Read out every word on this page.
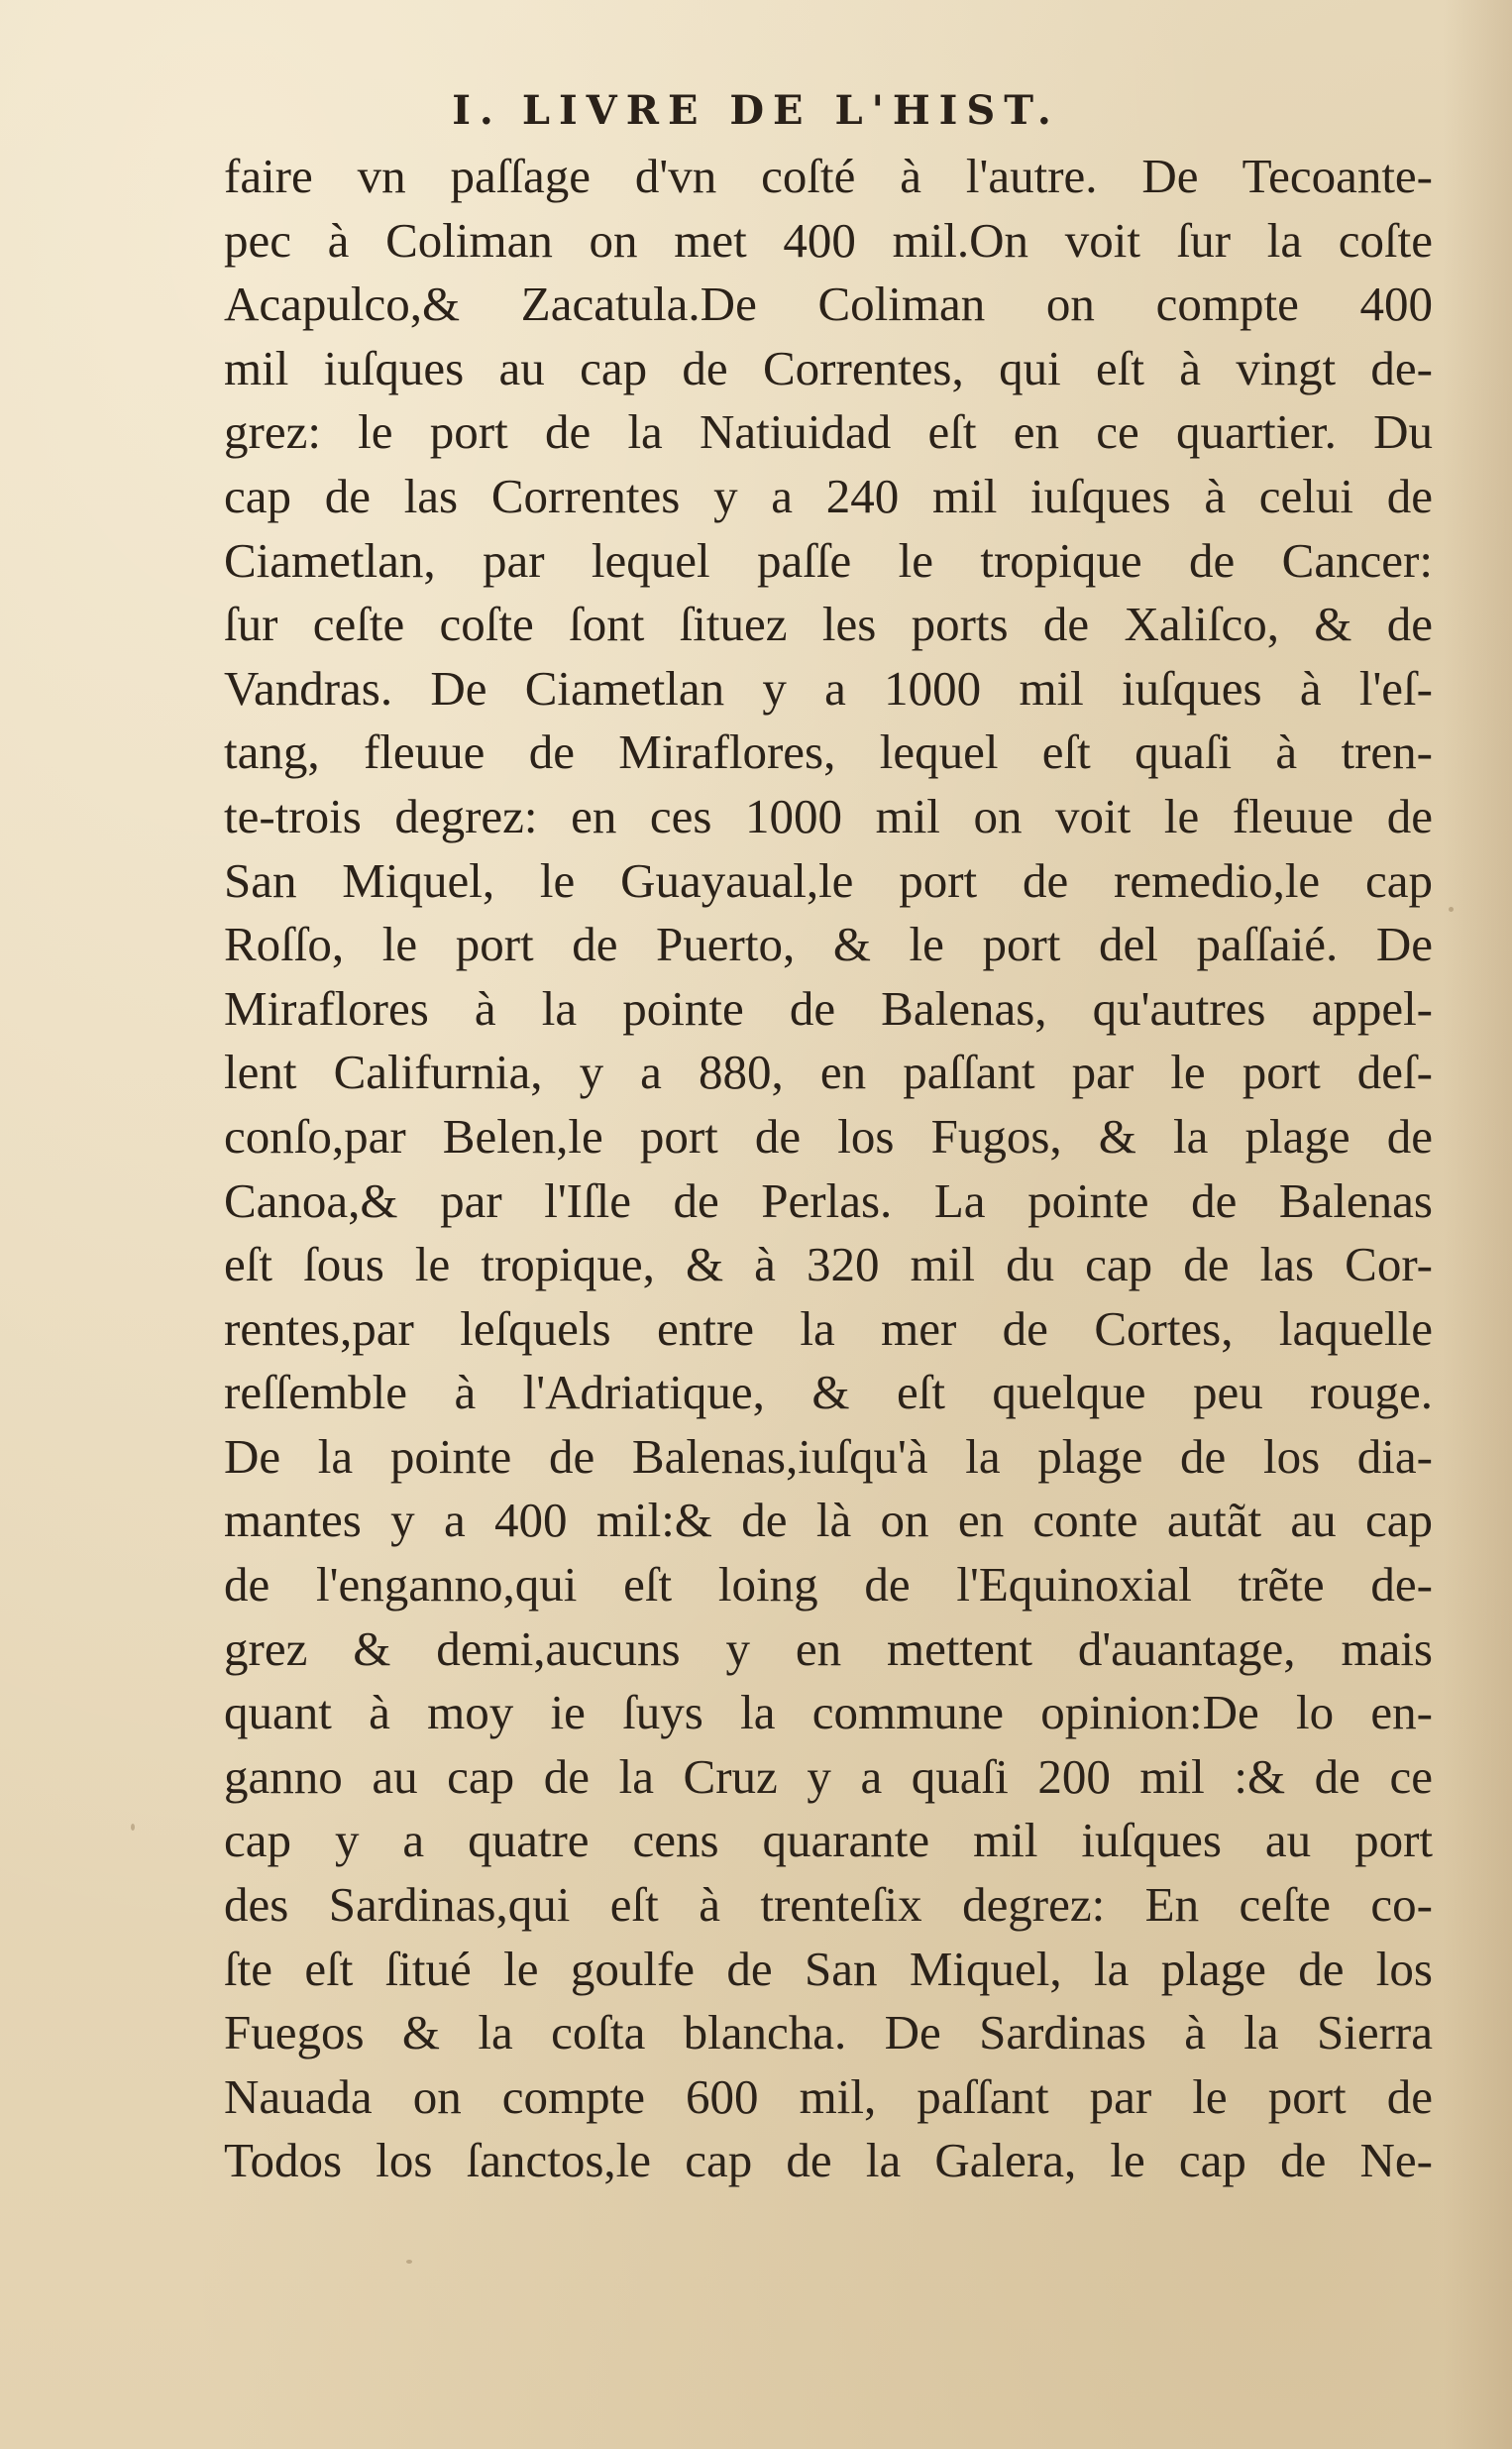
I. LIVRE DE L'HIST.
faire vn paſſage d'vn coſté à l'autre. De Tecoante-
pec à Coliman on met 400 mil.On voit ſur la coſte
Acapulco,& Zacatula.De Coliman on compte 400
mil iuſques au cap de Correntes, qui eſt à vingt de-
grez: le port de la Natiuidad eſt en ce quartier. Du
cap de las Correntes y a 240 mil iuſques à celui de
Ciametlan, par lequel paſſe le tropique de Cancer:
ſur ceſte coſte ſont ſituez les ports de Xaliſco, & de
Vandras. De Ciametlan y a 1000 mil iuſques à l'eſ-
tang, fleuue de Miraflores, lequel eſt quaſi à tren-
te-trois degrez: en ces 1000 mil on voit le fleuue de
San Miquel, le Guayaual,le port de remedio,le cap
Roſſo, le port de Puerto, & le port del paſſaié. De
Miraflores à la pointe de Balenas, qu'autres appel-
lent Califurnia, y a 880, en paſſant par le port deſ-
conſo,par Belen,le port de los Fugos, & la plage de
Canoa,& par l'Iſle de Perlas. La pointe de Balenas
eſt ſous le tropique, & à 320 mil du cap de las Cor-
rentes,par leſquels entre la mer de Cortes, laquelle
reſſemble à l'Adriatique, & eſt quelque peu rouge.
De la pointe de Balenas,iuſqu'à la plage de los dia-
mantes y a 400 mil:& de là on en conte autãt au cap
de l'enganno,qui eſt loing de l'Equinoxial trẽte de-
grez & demi,aucuns y en mettent d'auantage, mais
quant à moy ie ſuys la commune opinion:De lo en-
ganno au cap de la Cruz y a quaſi 200 mil :& de ce
cap y a quatre cens quarante mil iuſques au port
des Sardinas,qui eſt à trenteſix degrez: En ceſte co-
ſte eſt ſitué le goulfe de San Miquel, la plage de los
Fuegos & la coſta blancha. De Sardinas à la Sierra
Nauada on compte 600 mil, paſſant par le port de
Todos los ſanctos,le cap de la Galera, le cap de Ne-
